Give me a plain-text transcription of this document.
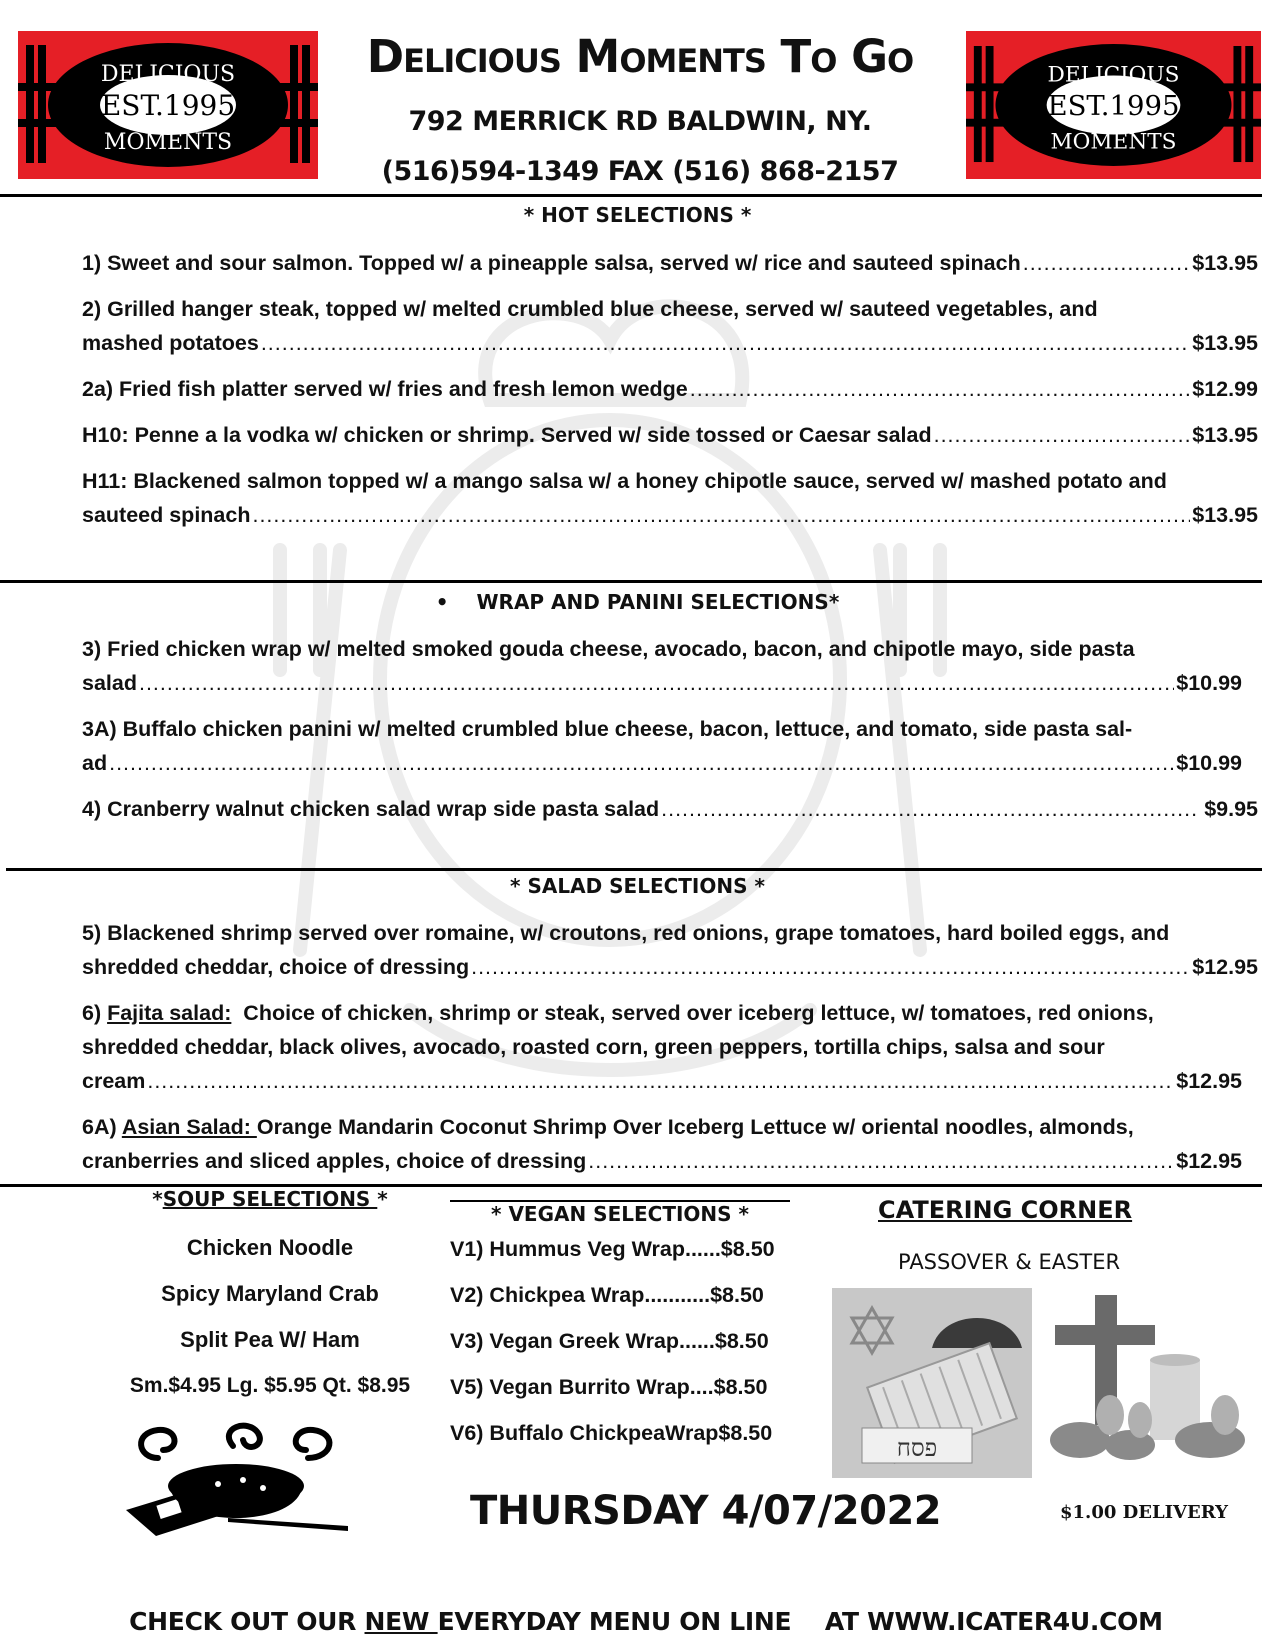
DELICIOUS
EST.1995
MOMENTS
DELICIOUS
EST.1995
MOMENTS
Delicious Moments To Go
792 MERRICK RD BALDWIN, NY.
(516)594-1349 FAX (516) 868-2157
* HOT SELECTIONS *
1) Sweet and sour salmon. Topped w/ a pineapple salsa, served w/ rice and sauteed spinach .....	$13.95
2) Grilled hanger steak, topped w/ melted crumbled blue cheese, served w/ sauteed vegetables, and
mashed potatoes .....	$13.95
2a) Fried fish platter served w/ fries and fresh lemon wedge .....	$12.99
H10: Penne a la vodka w/ chicken or shrimp. Served w/ side tossed or Caesar salad .....	$13.95
H11: Blackened salmon topped w/ a mango salsa w/ a honey chipotle sauce, served w/ mashed potato and
sauteed spinach .....	$13.95
• WRAP AND PANINI SELECTIONS*
3) Fried chicken wrap w/ melted smoked gouda cheese, avocado, bacon, and chipotle mayo, side pasta
salad .....	$10.99
3A) Buffalo chicken panini w/ melted crumbled blue cheese, bacon, lettuce, and tomato, side pasta sal-
ad .....	$10.99
4) Cranberry walnut chicken salad wrap side pasta salad .....	$9.95
* SALAD SELECTIONS *
5) Blackened shrimp served over romaine, w/ croutons, red onions, grape tomatoes, hard boiled eggs, and
shredded cheddar, choice of dressing .....	$12.95
6) Fajita salad:  Choice of chicken, shrimp or steak, served over iceberg lettuce, w/ tomatoes, red onions,
shredded cheddar, black olives, avocado, roasted corn, green peppers, tortilla chips, salsa and sour
cream .....	$12.95
6A) Asian Salad: Orange Mandarin Coconut Shrimp Over Iceberg Lettuce w/ oriental noodles, almonds,
cranberries and sliced apples, choice of dressing .....	$12.95
*SOUP SELECTIONS *
Chicken Noodle
Spicy Maryland Crab
Split Pea W/ Ham
Sm.$4.95 Lg. $5.95 Qt. $8.95
* VEGAN SELECTIONS *
V1) Hummus Veg Wrap......$8.50
V2) Chickpea Wrap...........$8.50
V3) Vegan Greek Wrap......$8.50
V5) Vegan Burrito Wrap....$8.50
V6) Buffalo ChickpeaWrap$8.50
CATERING CORNER
PASSOVER & EASTER
פסח
THURSDAY 4/07/2022	$1.00 DELIVERY

CHECK OUT OUR NEW EVERYDAY MENU ON LINE    AT WWW.ICATER4U.COM
